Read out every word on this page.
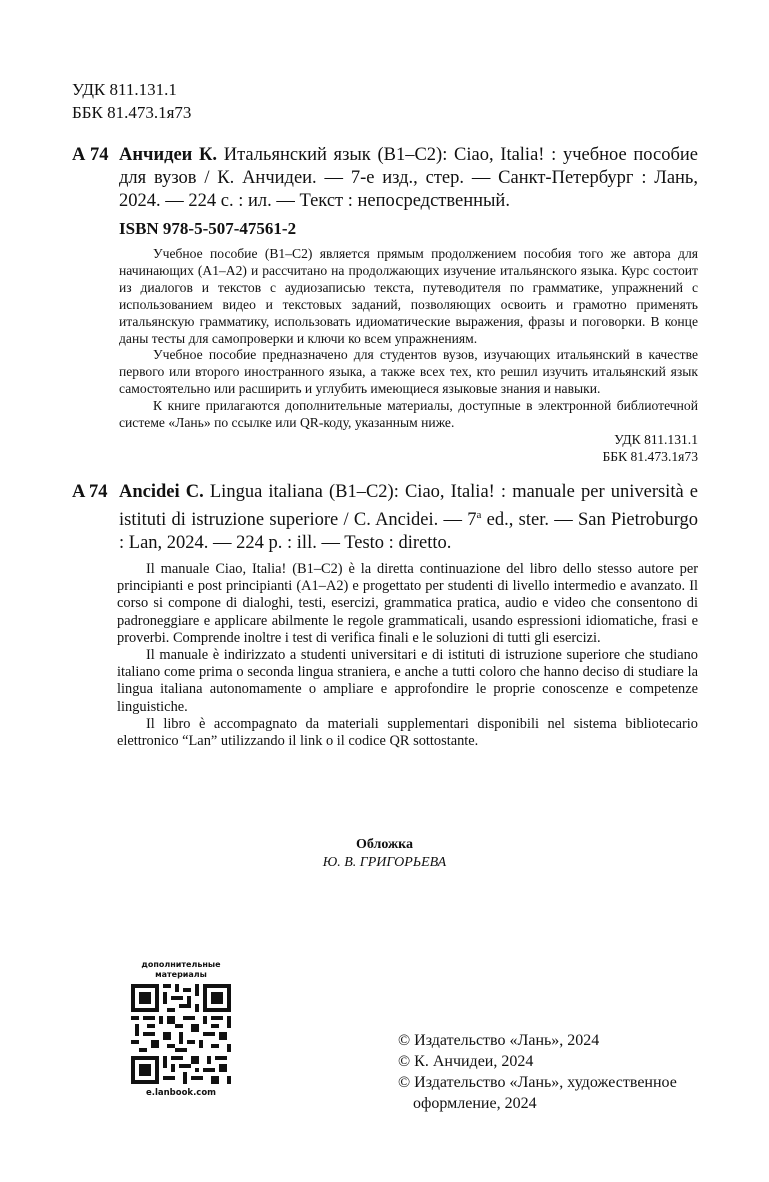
УДК 811.131.1
ББК 81.473.1я73
А 74 Анчидеи К. Итальянский язык (В1–С2): Ciao, Italia! : учебное пособие для вузов / К. Анчидеи. — 7-е изд., стер. — Санкт-Петербург : Лань, 2024. — 224 с. : ил. — Текст : непосредственный.
ISBN 978-5-507-47561-2

Учебное пособие (В1–С2) является прямым продолжением пособия того же автора для начинающих (А1–А2) и рассчитано на продолжающих изучение итальянского языка. Курс состоит из диалогов и текстов с аудиозаписью текста, путеводителя по грамматике, упражнений с использованием видео и текстовых заданий, позволяющих освоить и грамотно применять итальянскую грамматику, использовать идиоматические выражения, фразы и поговорки. В конце даны тесты для самопроверки и ключи ко всем упражнениям.

Учебное пособие предназначено для студентов вузов, изучающих итальянский в качестве первого или второго иностранного языка, а также всех тех, кто решил изучить итальянский язык самостоятельно или расширить и углубить имеющиеся языковые знания и навыки.

К книге прилагаются дополнительные материалы, доступные в электронной библиотечной системе «Лань» по ссылке или QR-коду, указанным ниже.

УДК 811.131.1

ББК 81.473.1я73

A 74 Ancidei C. Lingua italiana (B1–C2): Ciao, Italia! : manuale per università e istituti di istruzione superiore / C. Ancidei. — 7$^a$ ed., ster. — San Pietroburgo : Lan, 2024. — 224 p. : ill. — Testo : diretto.

Il manuale Ciao, Italia! (B1–C2) è la diretta continuazione del libro dello stesso autore per principianti e post principianti (A1–A2) e progettato per studenti di livello intermedio e avanzato. Il corso si compone di dialoghi, testi, esercizi, grammatica pratica, audio e video che consentono di padroneggiare e applicare abilmente le regole grammaticali, usando espressioni idiomatiche, frasi e proverbi. Comprende inoltre i test di verifica finali e le soluzioni di tutti gli esercizi.

Il manuale è indirizzato a studenti universitari e di istituti di istruzione superiore che studiano italiano come prima o seconda lingua straniera, e anche a tutti coloro che hanno deciso di studiare la lingua italiana autonomamente o ampliare e approfondire le proprie conoscenze e competenze linguistiche.

Il libro è accompagnato da materiali supplementari disponibili nel sistema bibliotecario elettronico “Lan” utilizzando il link o il codice QR sottostante.

Обложка
Ю. В. ГРИГОРЬЕВА
дополнительные
материалы
e.lanbook.com
© Издательство «Лань», 2024
© К. Анчидеи, 2024
© Издательство «Лань», художественное
оформление, 2024
